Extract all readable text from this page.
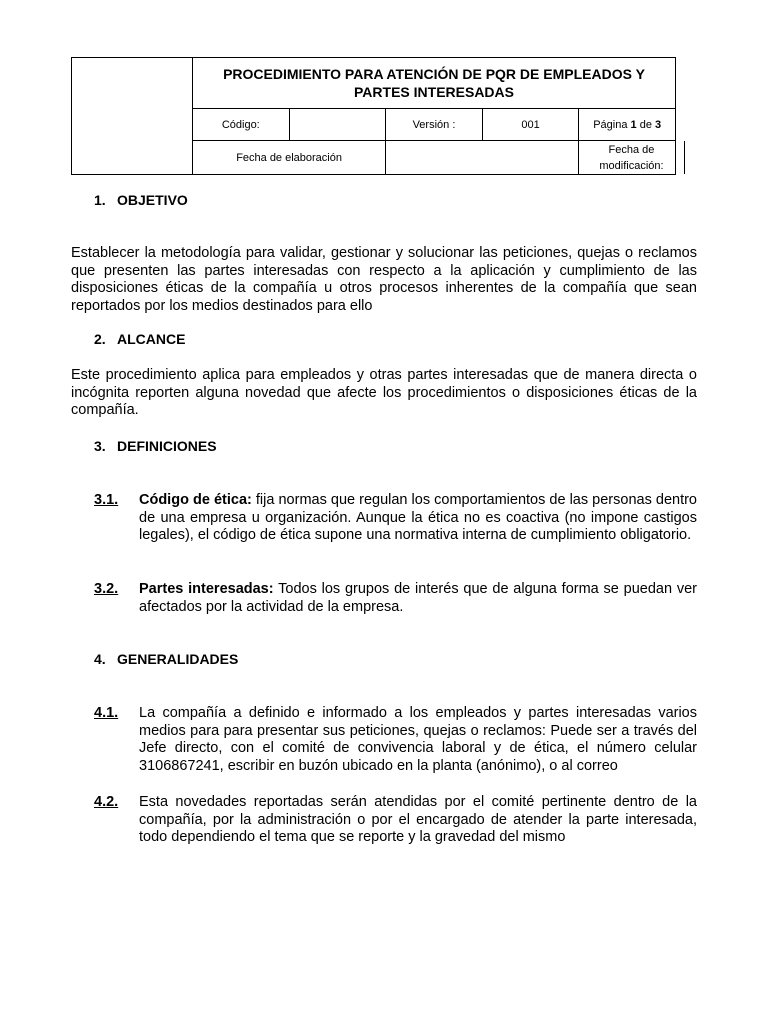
	PROCEDIMIENTO PARA ATENCIÓN DE PQR DE EMPLEADOS Y PARTES INTERESADAS				
	Código:		Versión :	001	Página 1 de 3
	Fecha de elaboración				Fecha de modificación:
1. OBJETIVO

Establecer la metodología para validar, gestionar y solucionar las peticiones, quejas o reclamos que presenten las partes interesadas con respecto a la aplicación y cumplimiento de las disposiciones éticas de la compañía u otros procesos inherentes de la compañía que sean reportados por los medios destinados para ello

2. ALCANCE

Este procedimiento aplica para empleados y otras partes interesadas que de manera directa o incógnita reporten alguna novedad que afecte los procedimientos o disposiciones éticas de la compañía.

3. DEFINICIONES
3.1.	Código de ética: fija normas que regulan los comportamientos de las personas dentro de una empresa u organización. Aunque la ética no es coactiva (no impone castigos legales), el código de ética supone una normativa interna de cumplimiento obligatorio.
3.2.	Partes interesadas: Todos los grupos de interés que de alguna forma se puedan ver afectados por la actividad de la empresa.
4. GENERALIDADES
4.1.	La compañía a definido e informado a los empleados y partes interesadas varios medios para para presentar sus peticiones, quejas o reclamos: Puede ser a través del Jefe directo, con el comité de convivencia laboral y de ética, el número celular 3106867241, escribir en buzón ubicado en la planta (anónimo), o al correo
4.2.	Esta novedades reportadas serán atendidas por el comité pertinente dentro de la compañía, por la administración o por el encargado de atender la parte interesada, todo dependiendo el tema que se reporte y la gravedad del mismo
